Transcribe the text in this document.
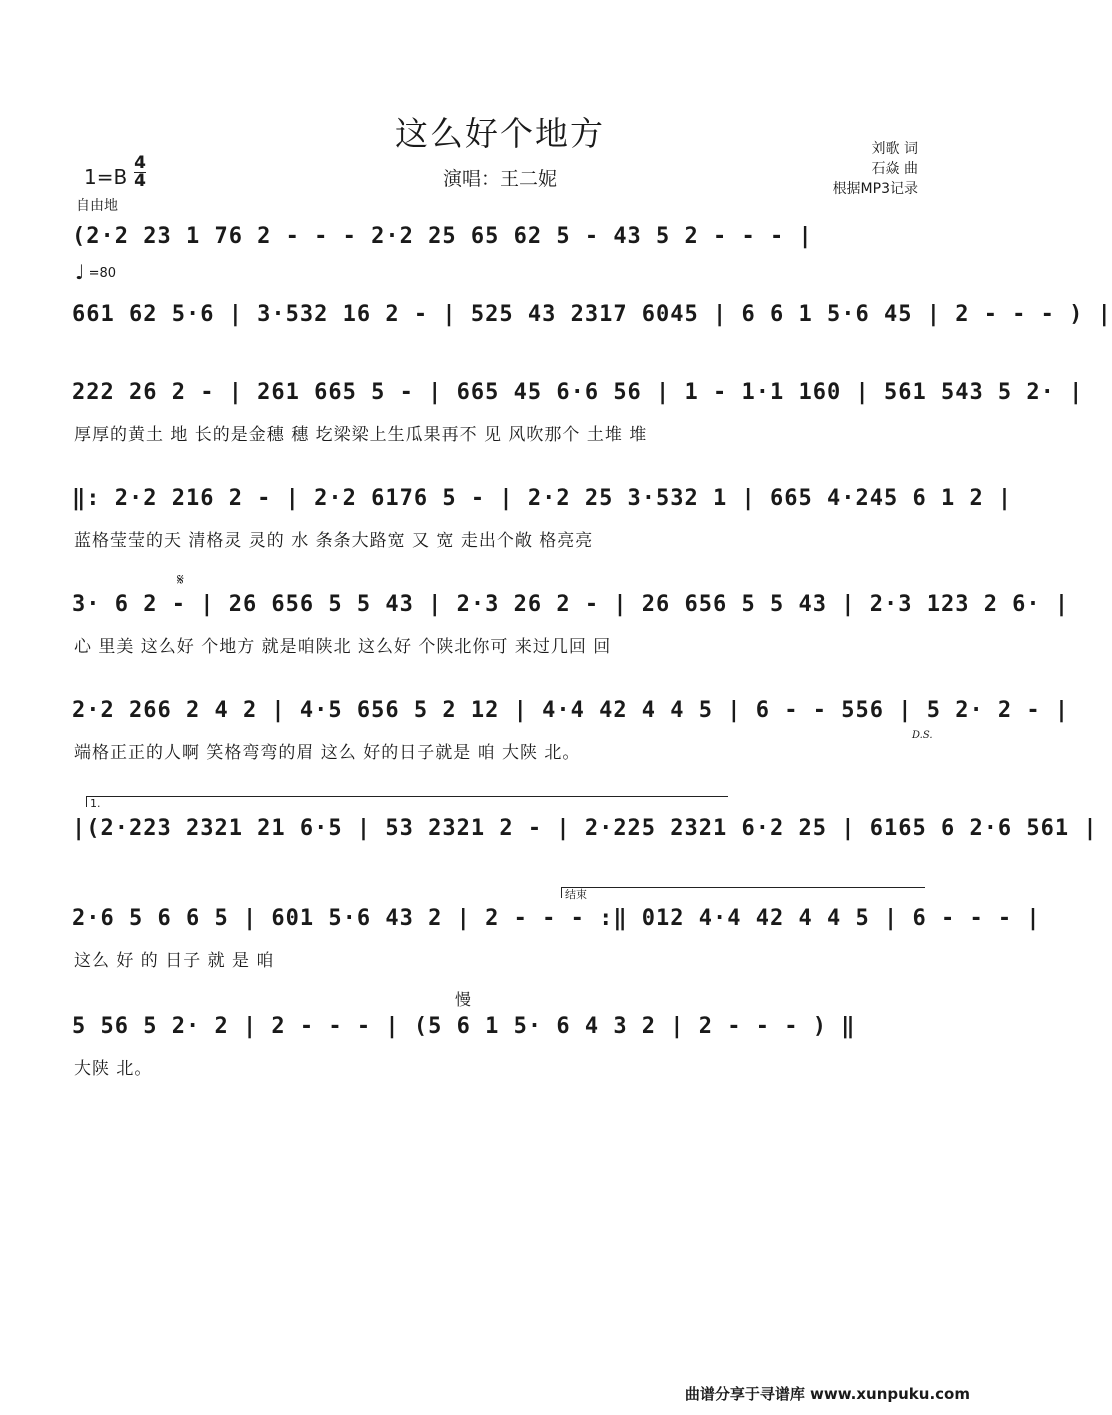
这么好个地方
演唱：王二妮
刘歌 词
石焱 曲
根据MP3记录
1=B
4
4
自由地
♩ =80
(2·2 23 1 76 2 - - - 2·2 25 65 62 5 - 43 5 2 - - - |
661 62 5·6 | 3·532 16 2 - | 525 43 2317 6045 | 6 6 1 5·6 45 | 2 - - - ) |
222 26 2 - | 261 665 5 - | 665 45 6·6 56 | 1 - 1·1 160 | 561 543 5 2· |
厚厚的黄土 地 长的是金穗 穗 圪梁梁上生瓜果再不 见 风吹那个 土堆 堆
‖: 2·2 216 2 - | 2·2 6176 5 - | 2·2 25 3·532 1 | 665 4·245 6 1 2 |
蓝格莹莹的天 清格灵 灵的 水 条条大路宽 又 宽 走出个敞 格亮亮
𝄋
3· 6 2 - | 26 656 5 5 43 | 2·3 26 2 - | 26 656 5 5 43 | 2·3 123 2 6· |
心 里美 这么好 个地方 就是咱陕北 这么好 个陕北你可 来过几回 回
2·2 266 2 4 2 | 4·5 656 5 2 12 | 4·4 42 4 4 5 | 6 - - 556 | 5 2· 2 - |
端格正正的人啊 笑格弯弯的眉 这么 好的日子就是 咱 大陕 北。
D.S.
1.
|(2·223 2321 21 6·5 | 53 2321 2 - | 2·225 2321 6·2 25 | 6165 6 2·6 561 |
结束
2·6 5 6 6 5 | 601 5·6 43 2 | 2 - - - :‖ 012 4·4 42 4 4 5 | 6 - - - |
这么 好 的 日子 就 是 咱
慢
5 56 5 2· 2 | 2 - - - | (5 6 1 5· 6 4 3 2 | 2 - - - ) ‖
大陕 北。
曲谱分享于寻谱库 www.xunpuku.com
